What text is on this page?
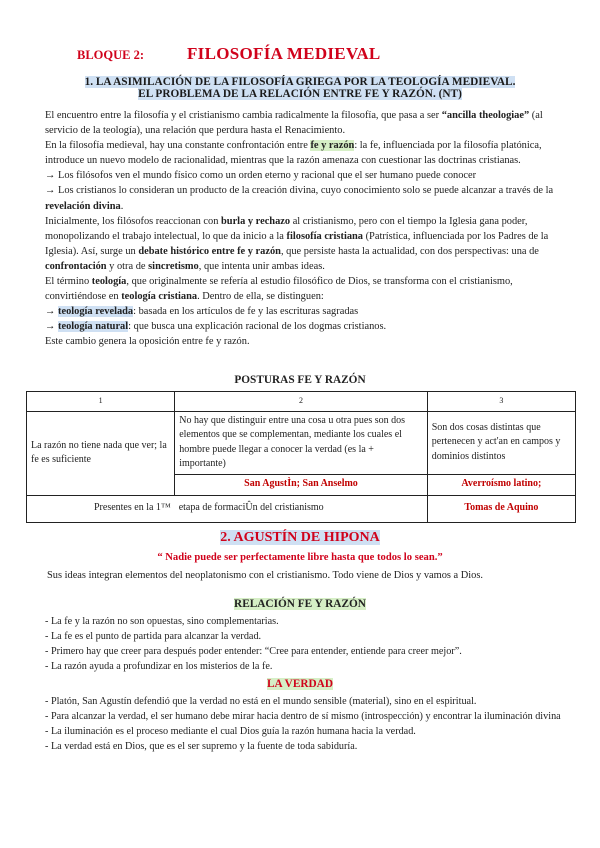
BLOQUE 2:	FILOSOFÍA MEDIEVAL
1. LA ASIMILACIÓN DE LA FILOSOFÍA GRIEGA POR LA TEOLOGÍA MEDIEVAL.
EL PROBLEMA DE LA RELACIÓN ENTRE FE Y RAZÓN. (NT)

El encuentro entre la filosofía y el cristianismo cambia radicalmente la filosofía, que pasa a ser “ancilla theologiae” (al servicio de la teología), una relación que perdura hasta el Renacimiento.

En la filosofía medieval, hay una constante confrontación entre fe y razón: la fe, influenciada por la filosofía platónica, introduce un nuevo modelo de racionalidad, mientras que la razón amenaza con cuestionar las doctrinas cristianas.

→ Los filósofos ven el mundo físico como un orden eterno y racional que el ser humano puede conocer

→ Los cristianos lo consideran un producto de la creación divina, cuyo conocimiento solo se puede alcanzar a través de la revelación divina.

Inicialmente, los filósofos reaccionan con burla y rechazo al cristianismo, pero con el tiempo la Iglesia gana poder, monopolizando el trabajo intelectual, lo que da inicio a la filosofía cristiana (Patrística, influenciada por los Padres de la Iglesia). Así, surge un debate histórico entre fe y razón, que persiste hasta la actualidad, con dos perspectivas: una de confrontación y otra de sincretismo, que intenta unir ambas ideas.

El término teología, que originalmente se refería al estudio filosófico de Dios, se transforma con el cristianismo, convirtiéndose en teología cristiana. Dentro de ella, se distinguen:

→ teología revelada: basada en los artículos de fe y las escrituras sagradas

→ teología natural: que busca una explicación racional de los dogmas cristianos.

Este cambio genera la oposición entre fe y razón.

POSTURAS FE Y RAZÓN
1	2	3
La razón no tiene nada que ver; la fe es suficiente	No hay que distinguir entre una cosa u otra pues son dos elementos que se complementan, mediante los cuales el hombre puede llegar a conocer la verdad (es la + importante)	Son dos cosas distintas que pertenecen y act'an en campos y dominios distintos
	San AgustÌn; San Anselmo	Averroísmo latino;
Presentes en la 1™	etapa de formaciÛn del cristianismo	Tomas de Aquino
2. AGUSTÍN DE HIPONA
“ Nadie puede ser perfectamente libre hasta que todos lo sean.”
Sus ideas integran elementos del neoplatonismo con el cristianismo. Todo viene de Dios y vamos a Dios.
RELACIÓN FE Y RAZÓN

- La fe y la razón no son opuestas, sino complementarias.

- La fe es el punto de partida para alcanzar la verdad.

- Primero hay que creer para después poder entender: “Cree para entender, entiende para creer mejor”.

- La razón ayuda a profundizar en los misterios de la fe.

LA VERDAD

- Platón, San Agustín defendió que la verdad no está en el mundo sensible (material), sino en el espiritual.

- Para alcanzar la verdad, el ser humano debe mirar hacia dentro de sí mismo (introspección) y encontrar la iluminación divina

- La iluminación es el proceso mediante el cual Dios guía la razón humana hacia la verdad.

- La verdad está en Dios, que es el ser supremo y la fuente de toda sabiduría.
